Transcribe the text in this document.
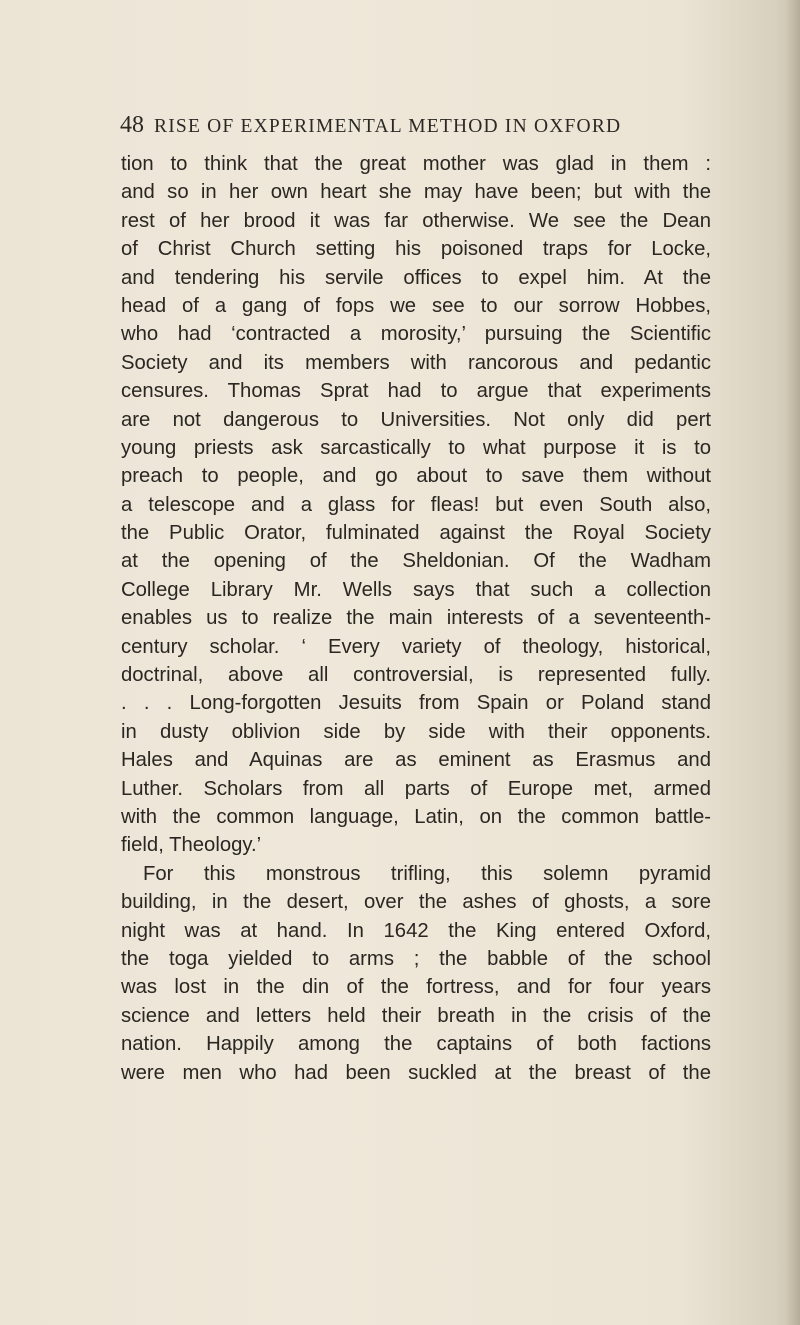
48 RISE OF EXPERIMENTAL METHOD IN OXFORD
tion to think that the great mother was glad in them :
and so in her own heart she may have been; but with the
rest of her brood it was far otherwise. We see the Dean
of Christ Church setting his poisoned traps for Locke,
and tendering his servile offices to expel him. At the
head of a gang of fops we see to our sorrow Hobbes,
who had ‘contracted a morosity,’ pursuing the Scientific
Society and its members with rancorous and pedantic
censures. Thomas Sprat had to argue that experiments
are not dangerous to Universities. Not only did pert
young priests ask sarcastically to what purpose it is to
preach to people, and go about to save them without
a telescope and a glass for fleas! but even South also,
the Public Orator, fulminated against the Royal Society
at the opening of the Sheldonian. Of the Wadham
College Library Mr. Wells says that such a collection
enables us to realize the main interests of a seventeenth-
century scholar. ‘ Every variety of theology, historical,
doctrinal, above all controversial, is represented fully.
. . . Long-forgotten Jesuits from Spain or Poland stand
in dusty oblivion side by side with their opponents.
Hales and Aquinas are as eminent as Erasmus and
Luther. Scholars from all parts of Europe met, armed
with the common language, Latin, on the common battle-
field, Theology.’
For this monstrous trifling, this solemn pyramid
building, in the desert, over the ashes of ghosts, a sore
night was at hand. In 1642 the King entered Oxford,
the toga yielded to arms ; the babble of the school
was lost in the din of the fortress, and for four years
science and letters held their breath in the crisis of the
nation. Happily among the captains of both factions
were men who had been suckled at the breast of the
